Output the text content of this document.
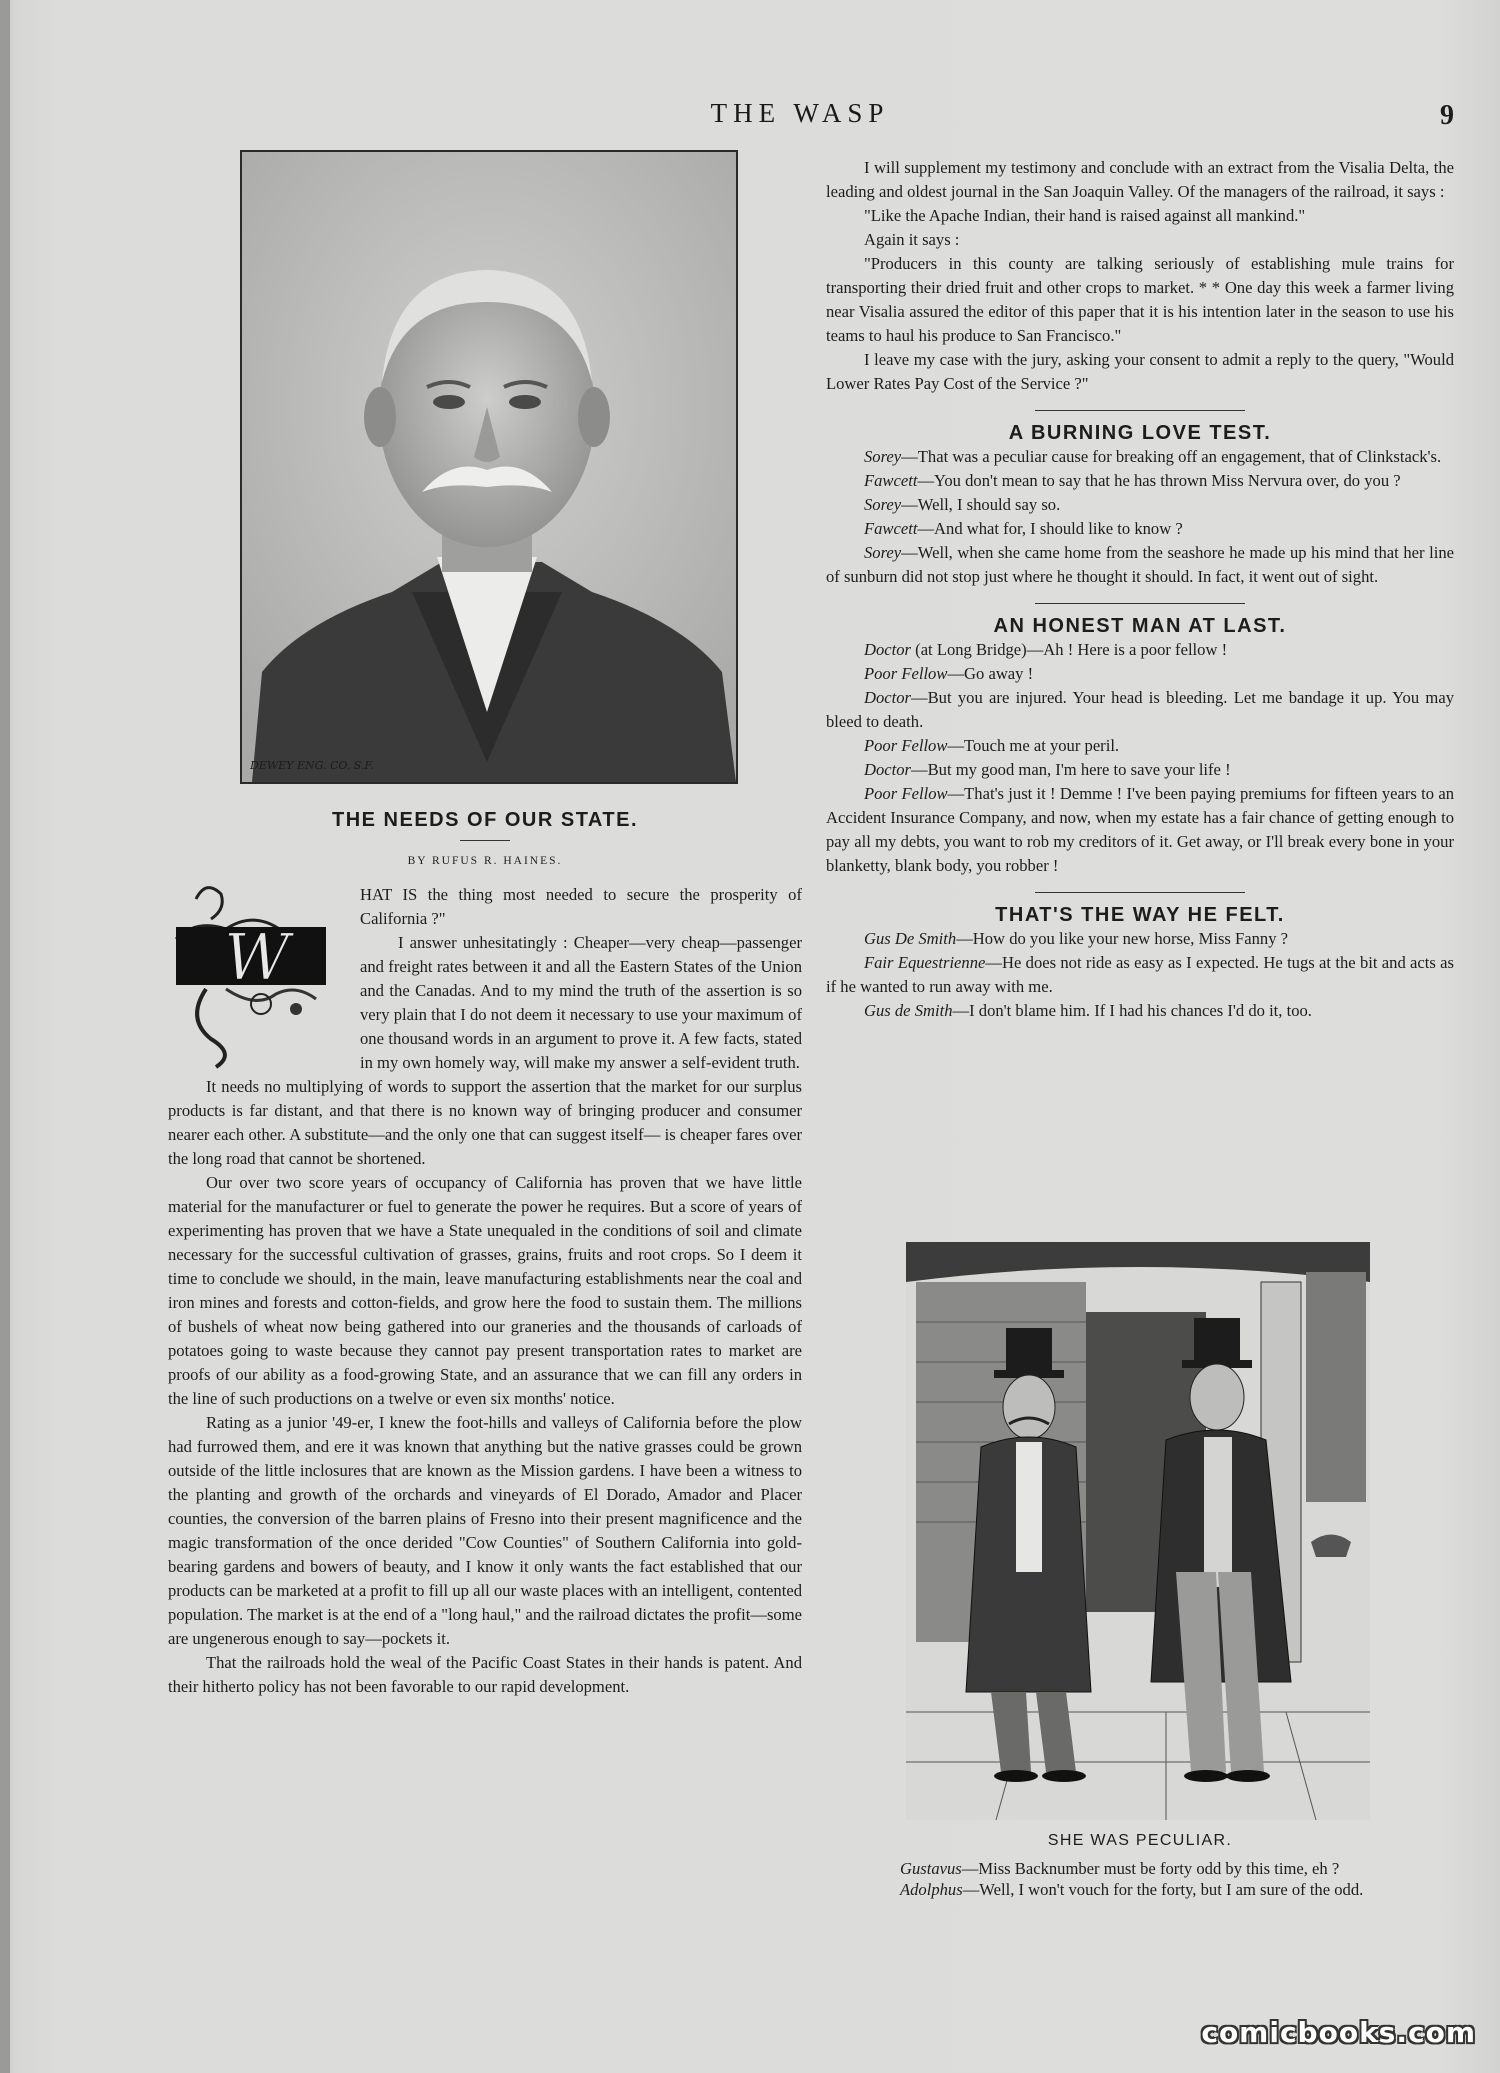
THE WASP	9
DEWEY ENG. CO. S.F.
THE NEEDS OF OUR STATE.
BY RUFUS R. HAINES.
W

HAT IS the thing most needed to secure the prosperity of California ?"

I answer unhesitatingly : Cheaper—very cheap—passenger and freight rates between it and all the Eastern States of the Union and the Canadas. And to my mind the truth of the assertion is so very plain that I do not deem it necessary to use your maximum of one thousand words in an argument to prove it. A few facts, stated in my own homely way, will make my answer a self-evident truth.

It needs no multiplying of words to support the assertion that the market for our surplus products is far distant, and that there is no known way of bringing producer and consumer nearer each other. A substitute—and the only one that can suggest itself— is cheaper fares over the long road that cannot be shortened.

Our over two score years of occupancy of California has proven that we have little material for the manufacturer or fuel to generate the power he requires. But a score of years of experimenting has proven that we have a State unequaled in the conditions of soil and climate necessary for the successful cultivation of grasses, grains, fruits and root crops. So I deem it time to conclude we should, in the main, leave manufacturing establishments near the coal and iron mines and forests and cotton-fields, and grow here the food to sustain them. The millions of bushels of wheat now being gathered into our graneries and the thousands of carloads of potatoes going to waste because they cannot pay present transportation rates to market are proofs of our ability as a food-growing State, and an assurance that we can fill any orders in the line of such productions on a twelve or even six months' notice.

Rating as a junior '49-er, I knew the foot-hills and valleys of California before the plow had furrowed them, and ere it was known that anything but the native grasses could be grown outside of the little inclosures that are known as the Mission gardens. I have been a witness to the planting and growth of the orchards and vineyards of El Dorado, Amador and Placer counties, the conversion of the barren plains of Fresno into their present magnificence and the magic transformation of the once derided "Cow Counties" of Southern California into gold-bearing gardens and bowers of beauty, and I know it only wants the fact established that our products can be marketed at a profit to fill up all our waste places with an intelligent, contented population. The market is at the end of a "long haul," and the railroad dictates the profit—some are ungenerous enough to say—pockets it.

That the railroads hold the weal of the Pacific Coast States in their hands is patent. And their hitherto policy has not been favorable to our rapid development.

I will supplement my testimony and conclude with an extract from the Visalia Delta, the leading and oldest journal in the San Joaquin Valley. Of the managers of the railroad, it says :

"Like the Apache Indian, their hand is raised against all mankind."

Again it says :

"Producers in this county are talking seriously of establishing mule trains for transporting their dried fruit and other crops to market. * * One day this week a farmer living near Visalia assured the editor of this paper that it is his intention later in the season to use his teams to haul his produce to San Francisco."

I leave my case with the jury, asking your consent to admit a reply to the query, "Would Lower Rates Pay Cost of the Service ?"

A BURNING LOVE TEST.

Sorey—That was a peculiar cause for breaking off an engagement, that of Clinkstack's.

Fawcett—You don't mean to say that he has thrown Miss Nervura over, do you ?

Sorey—Well, I should say so.

Fawcett—And what for, I should like to know ?

Sorey—Well, when she came home from the seashore he made up his mind that her line of sunburn did not stop just where he thought it should. In fact, it went out of sight.

AN HONEST MAN AT LAST.

Doctor (at Long Bridge)—Ah ! Here is a poor fellow !

Poor Fellow—Go away !

Doctor—But you are injured. Your head is bleeding. Let me bandage it up. You may bleed to death.

Poor Fellow—Touch me at your peril.

Doctor—But my good man, I'm here to save your life !

Poor Fellow—That's just it ! Demme ! I've been paying premiums for fifteen years to an Accident Insurance Company, and now, when my estate has a fair chance of getting enough to pay all my debts, you want to rob my creditors of it. Get away, or I'll break every bone in your blanketty, blank body, you robber !

THAT'S THE WAY HE FELT.

Gus De Smith—How do you like your new horse, Miss Fanny ?

Fair Equestrienne—He does not ride as easy as I expected. He tugs at the bit and acts as if he wanted to run away with me.

Gus de Smith—I don't blame him. If I had his chances I'd do it, too.

SHE WAS PECULIAR.

Gustavus—Miss Backnumber must be forty odd by this time, eh ?

Adolphus—Well, I won't vouch for the forty, but I am sure of the odd.

comicbooks.com
